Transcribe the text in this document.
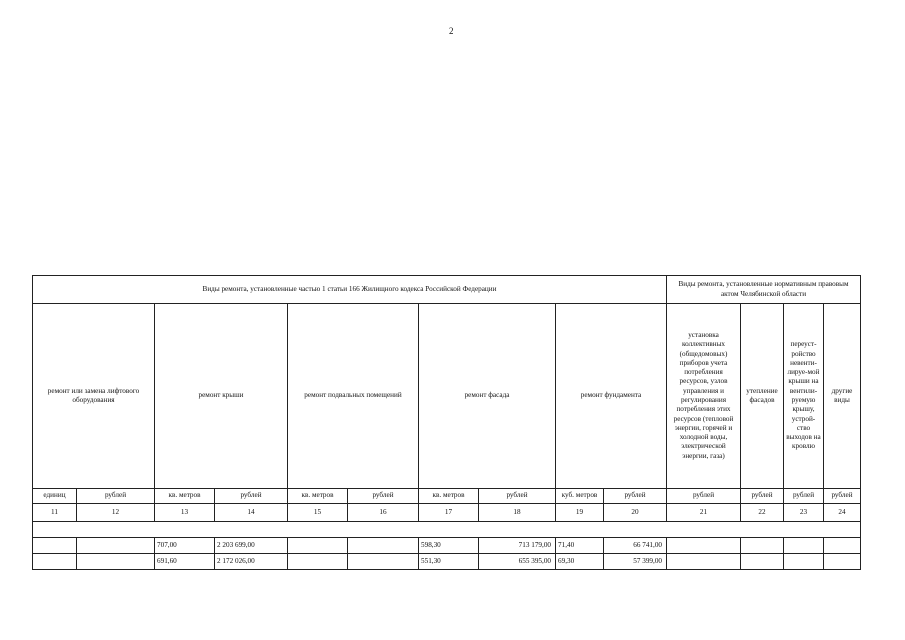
2
Виды ремонта, установленные частью 1 статьи 166 Жилищного кодекса Российской Федерации										Виды ремонта, установленные нормативным правовым актом Челябинской области			
ремонт или замена лифтового оборудования		ремонт крыши		ремонт подвальных помещений		ремонт фасада		ремонт фундамента		установка коллективных (общедомовых) приборов учета потребления ресурсов, узлов управления и регулирования потребления этих ресурсов (тепловой энергии, горячей и холодной воды, электрической энергии, газа)	утепление фасадов	переуст-ройство невенти-лируе-мой крыши на вентили-руемую крышу, устрой-ство выходов на кровлю	другие виды
единиц	рублей	кв. метров	рублей	кв. метров	рублей	кв. метров	рублей	куб. метров	рублей	рублей	рублей	рублей	рублей
11	12	13	14	15	16	17	18	19	20	21	22	23	24

		707,00	2 203 699,00			598,30	713 179,00	71,40	66 741,00				
		691,60	2 172 026,00			551,30	655 395,00	69,30	57 399,00				
